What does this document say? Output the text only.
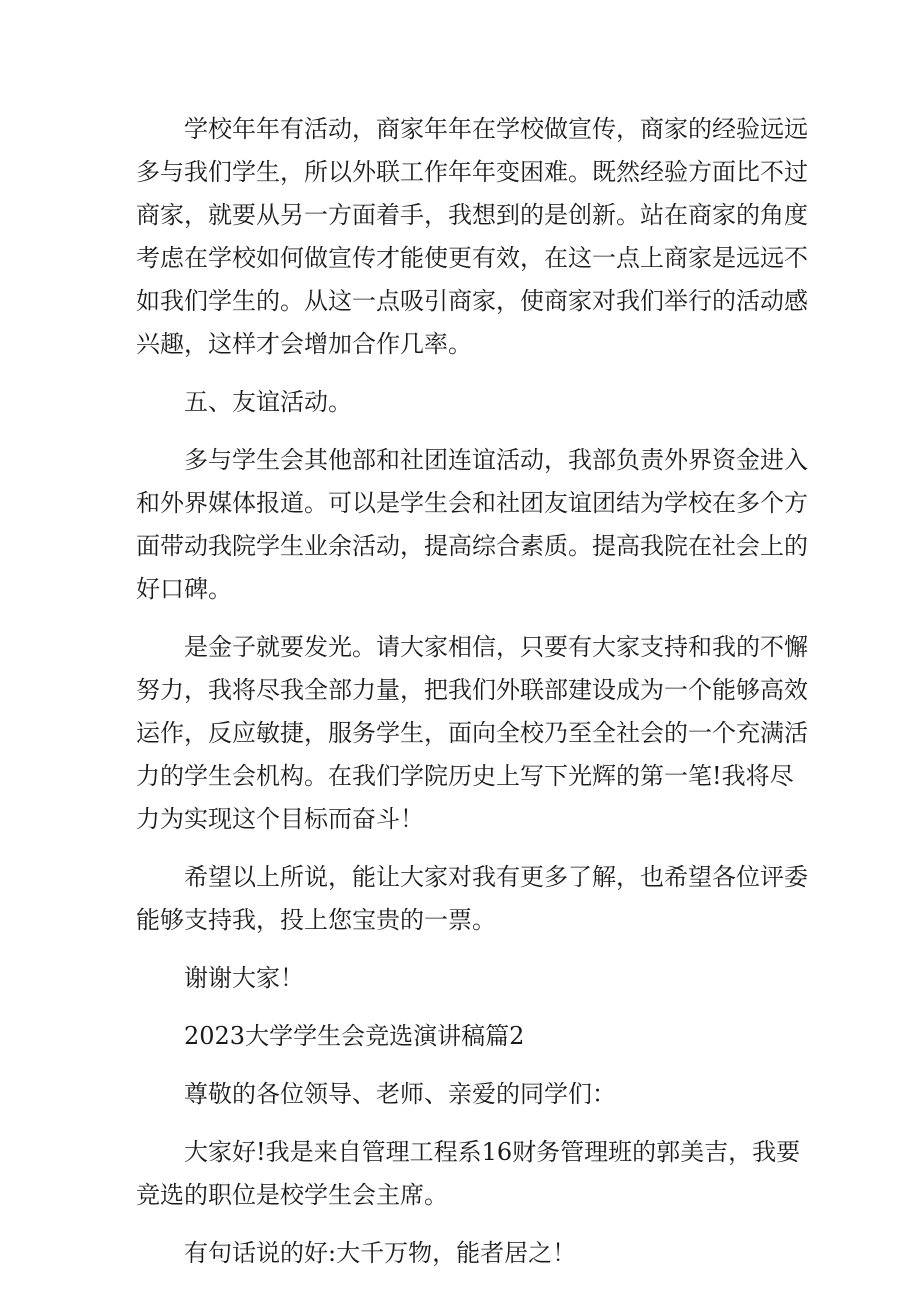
学校年年有活动，商家年年在学校做宣传，商家的经验远远
多与我们学生，所以外联工作年年变困难。既然经验方面比不过
商家，就要从另一方面着手，我想到的是创新。站在商家的角度
考虑在学校如何做宣传才能使更有效，在这一点上商家是远远不
如我们学生的。从这一点吸引商家，使商家对我们举行的活动感
兴趣，这样才会增加合作几率。

五、友谊活动。

多与学生会其他部和社团连谊活动，我部负责外界资金进入
和外界媒体报道。可以是学生会和社团友谊团结为学校在多个方
面带动我院学生业余活动，提高综合素质。提高我院在社会上的
好口碑。

是金子就要发光。请大家相信，只要有大家支持和我的不懈
努力，我将尽我全部力量，把我们外联部建设成为一个能够高效
运作，反应敏捷，服务学生，面向全校乃至全社会的一个充满活
力的学生会机构。在我们学院历史上写下光辉的第一笔!我将尽
力为实现这个目标而奋斗！

希望以上所说，能让大家对我有更多了解，也希望各位评委
能够支持我，投上您宝贵的一票。

谢谢大家！

2023大学学生会竞选演讲稿篇2

尊敬的各位领导、老师、亲爱的同学们：

大家好!我是来自管理工程系16财务管理班的郭美吉，我要
竞选的职位是校学生会主席。

有句话说的好:大千万物，能者居之！
